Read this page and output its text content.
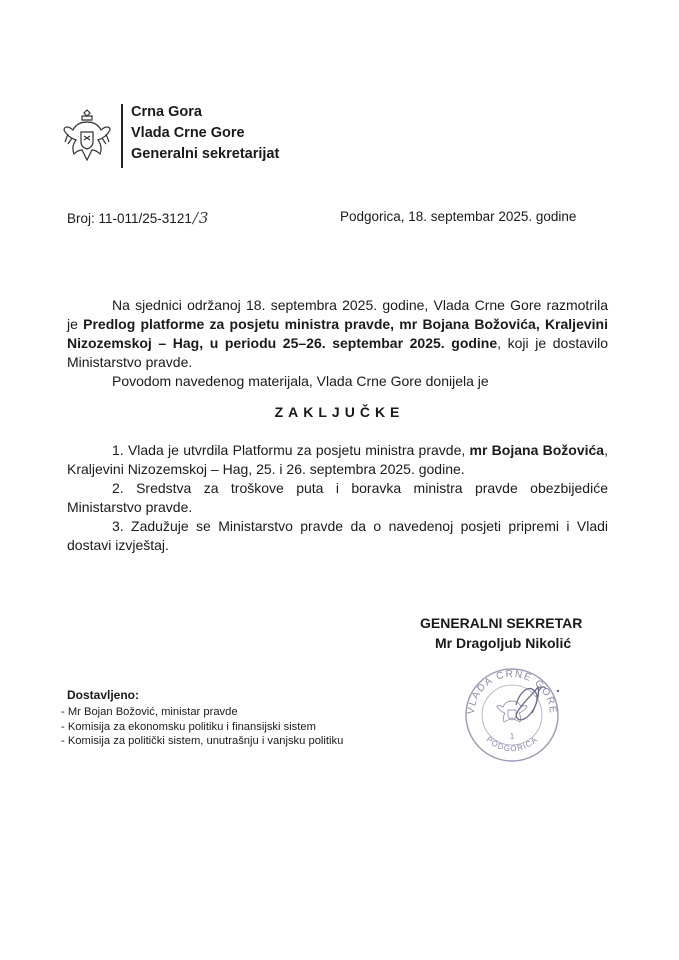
Crna Gora
Vlada Crne Gore
Generalni sekretarijat
Broj: 11-011/25-3121/ 3	Podgorica, 18. septembar 2025. godine
Na sjednici održanoj 18. septembra 2025. godine, Vlada Crne Gore razmotrila je Predlog platforme za posjetu ministra pravde, mr Bojana Božovića, Kraljevini Nizozemskoj – Hag, u periodu 25–26. septembar 2025. godine, koji je dostavilo Ministarstvo pravde.
Povodom navedenog materijala, Vlada Crne Gore donijela je
ZAKLJUČKE
1. Vlada je utvrdila Platformu za posjetu ministra pravde, mr Bojana Božovića, Kraljevini Nizozemskoj – Hag, 25. i 26. septembra 2025. godine.
2. Sredstva za troškove puta i boravka ministra pravde obezbijediće Ministarstvo pravde.
3. Zadužuje se Ministarstvo pravde da o navedenoj posjeti pripremi i Vladi dostavi izvještaj.
GENERALNI SEKRETAR
Mr Dragoljub Nikolić
VLADA CRNE GORE
PODGORICA
1
Dostavljeno:
- Mr Bojan Božović, ministar pravde
- Komisija za ekonomsku politiku i finansijski sistem
- Komisija za politički sistem, unutrašnju i vanjsku politiku
